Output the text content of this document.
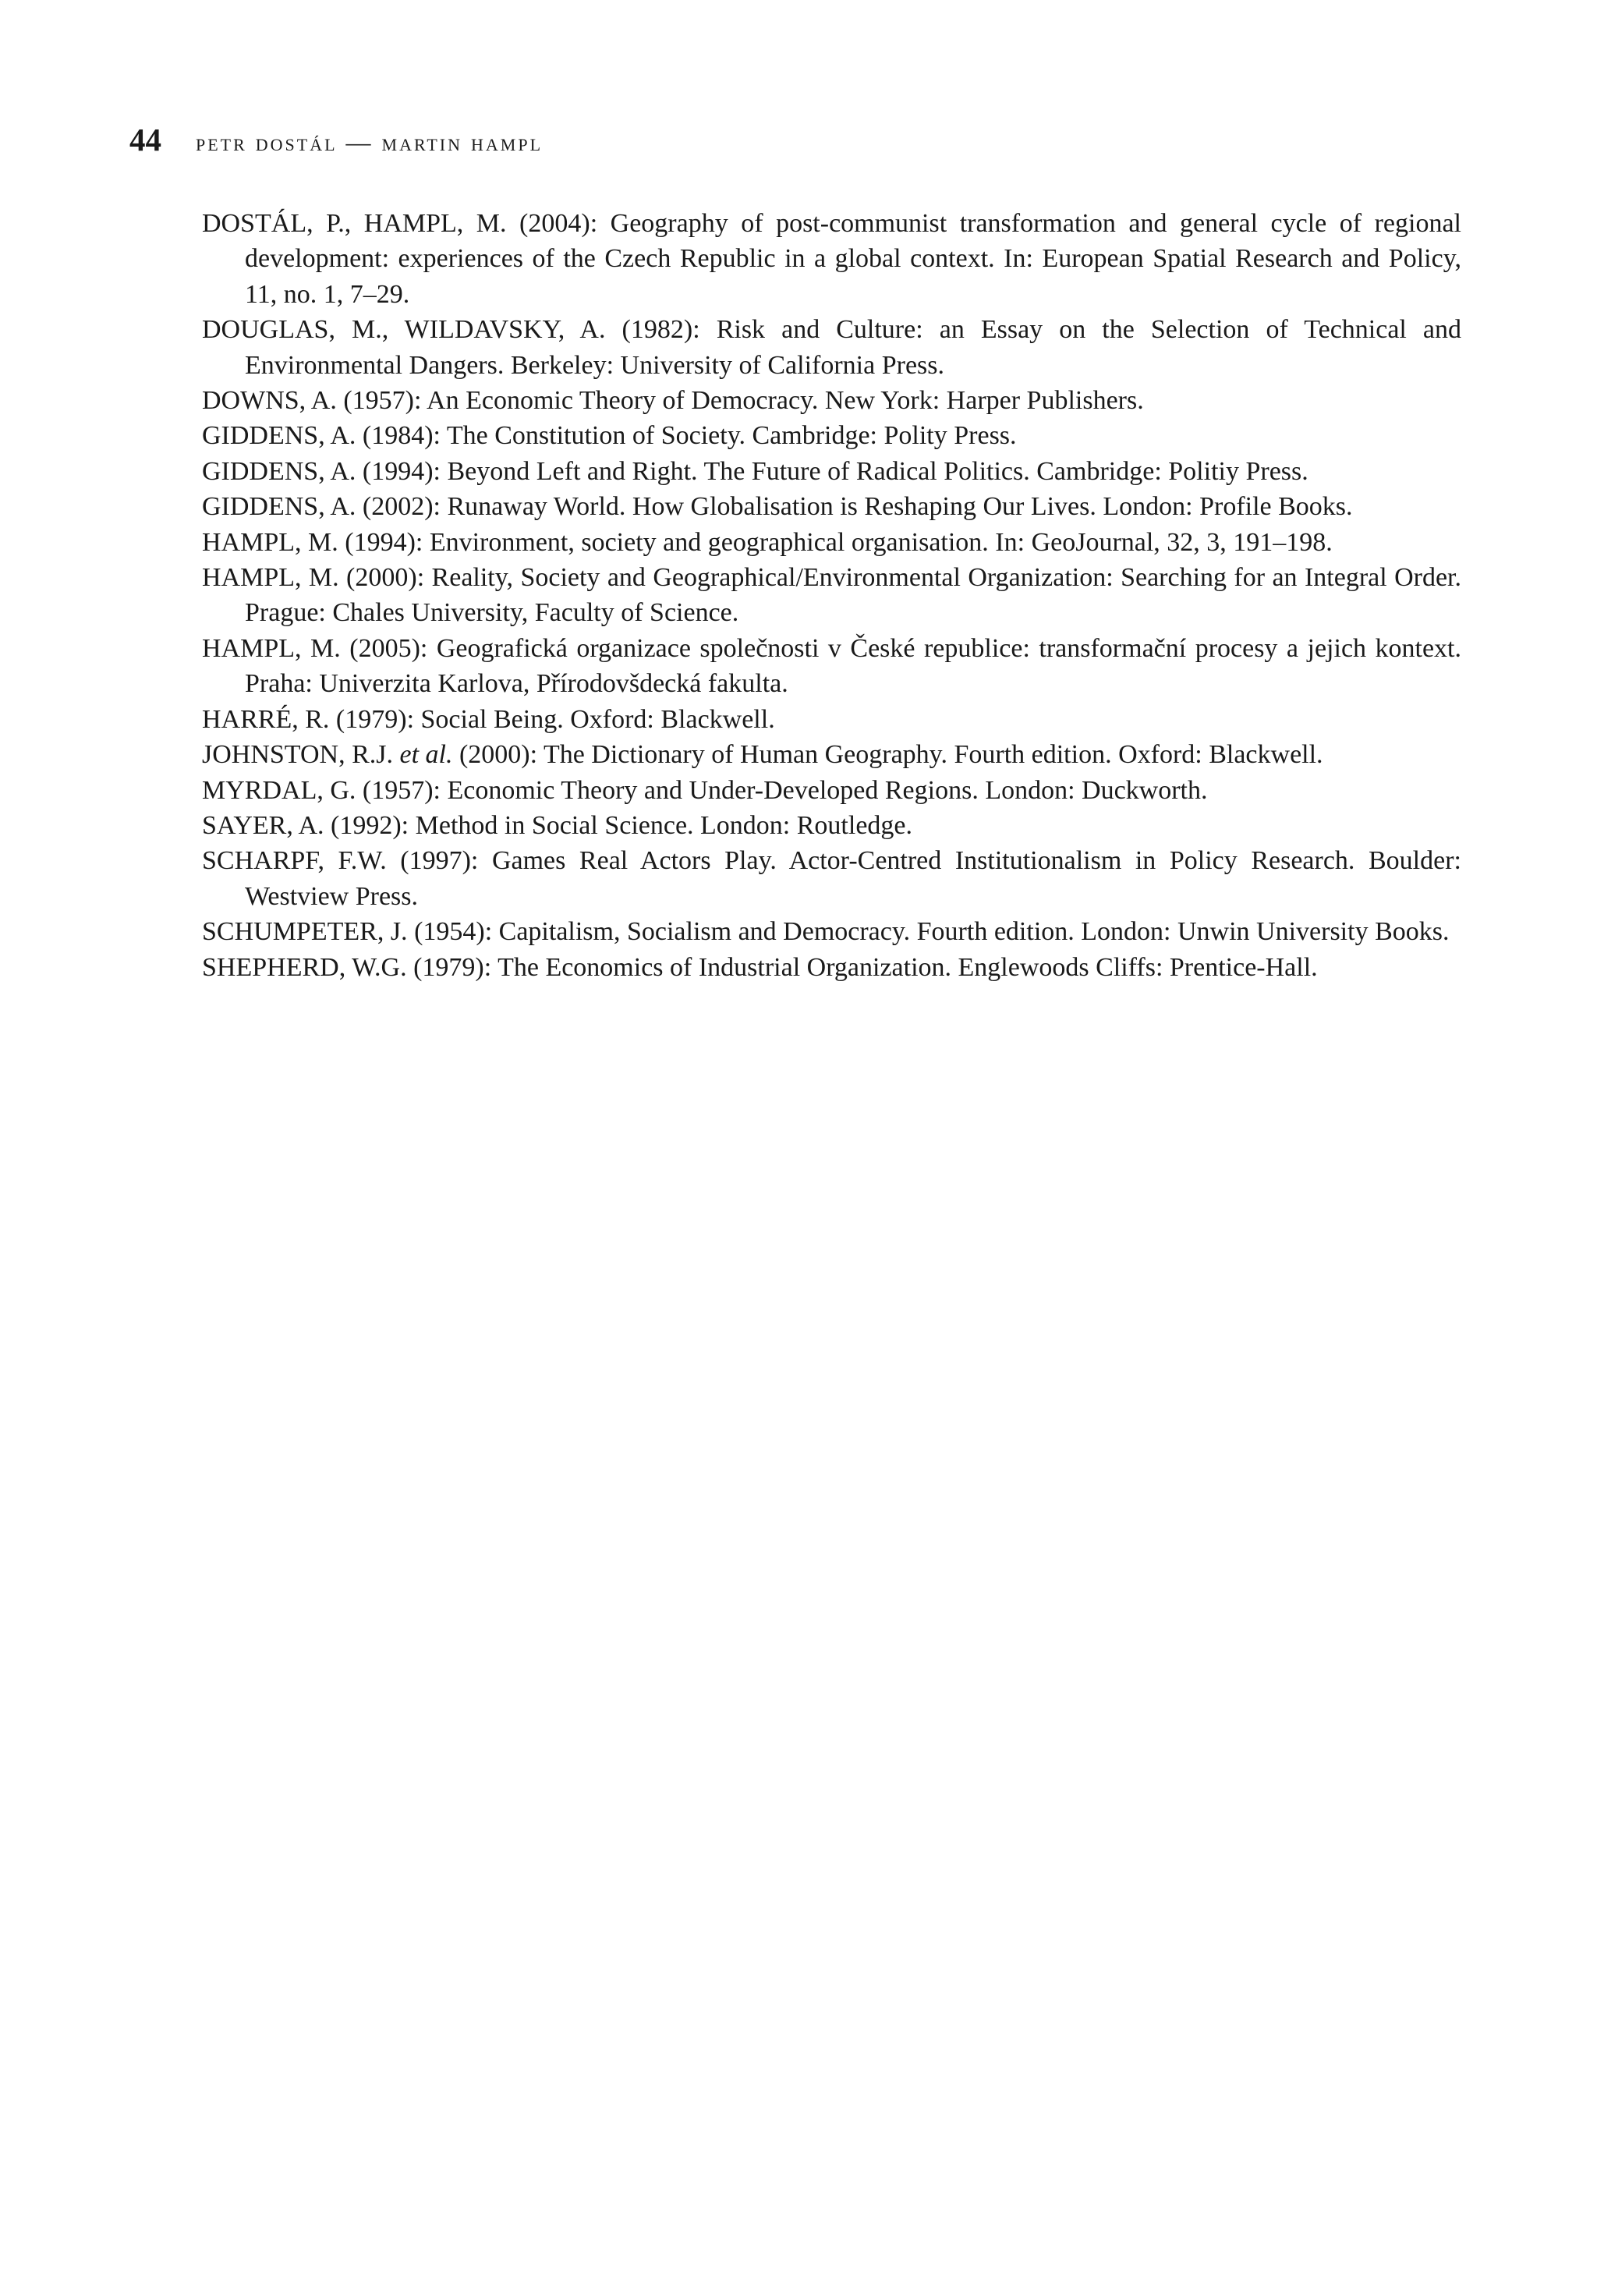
44 petr dostál — martin hampl
DOSTÁL, P., HAMPL, M. (2004): Geography of post-communist transformation and general cycle of regional development: experiences of the Czech Republic in a global context. In: European Spatial Research and Policy, 11, no. 1, 7–29.
DOUGLAS, M., WILDAVSKY, A. (1982): Risk and Culture: an Essay on the Selection of Technical and Environmental Dangers. Berkeley: University of California Press.
DOWNS, A. (1957): An Economic Theory of Democracy. New York: Harper Publishers.
GIDDENS, A. (1984): The Constitution of Society. Cambridge: Polity Press.
GIDDENS, A. (1994): Beyond Left and Right. The Future of Radical Politics. Cambridge: Politiy Press.
GIDDENS, A. (2002): Runaway World. How Globalisation is Reshaping Our Lives. London: Profile Books.
HAMPL, M. (1994): Environment, society and geographical organisation. In: GeoJournal, 32, 3, 191–198.
HAMPL, M. (2000): Reality, Society and Geographical/Environmental Organization: Searching for an Integral Order. Prague: Chales University, Faculty of Science.
HAMPL, M. (2005): Geografická organizace společnosti v České republice: transformační procesy a jejich kontext. Praha: Univerzita Karlova, Přírodovšdecká fakulta.
HARRÉ, R. (1979): Social Being. Oxford: Blackwell.
JOHNSTON, R.J. et al. (2000): The Dictionary of Human Geography. Fourth edition. Oxford: Blackwell.
MYRDAL, G. (1957): Economic Theory and Under-Developed Regions. London: Duckworth.
SAYER, A. (1992): Method in Social Science. London: Routledge.
SCHARPF, F.W. (1997): Games Real Actors Play. Actor-Centred Institutionalism in Policy Research. Boulder: Westview Press.
SCHUMPETER, J. (1954): Capitalism, Socialism and Democracy. Fourth edition. London: Unwin University Books.
SHEPHERD, W.G. (1979): The Economics of Industrial Organization. Englewoods Cliffs: Prentice-Hall.
